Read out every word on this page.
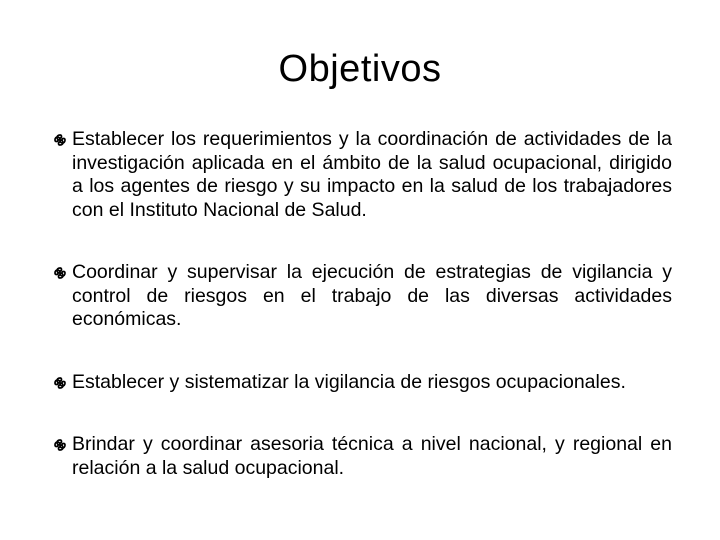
Objetivos
Establecer los requerimientos y la coordinación de actividades de la investigación aplicada en el ámbito de la salud ocupacional, dirigido a los agentes de riesgo y su impacto en la salud de los trabajadores con el Instituto Nacional de Salud.
Coordinar y supervisar la ejecución de estrategias de vigilancia y control de riesgos en el trabajo de las diversas actividades económicas.
Establecer y sistematizar la vigilancia de riesgos ocupacionales.
Brindar y coordinar asesoria técnica a nivel nacional, y regional en relación a la salud ocupacional.
